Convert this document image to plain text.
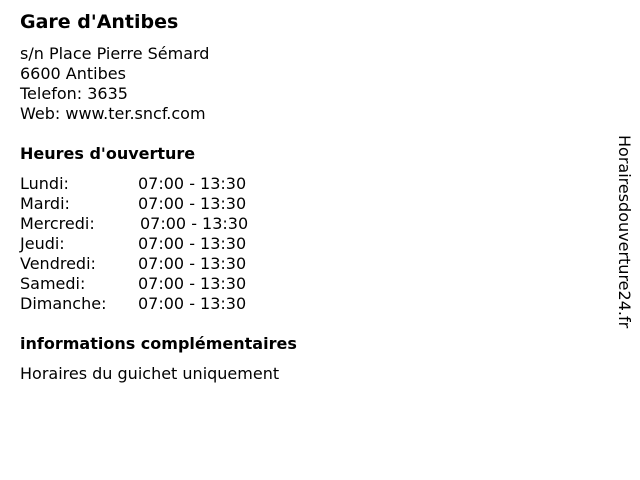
Gare d'Antibes
s/n Place Pierre Sémard
6600 Antibes
Telefon: 3635
Web: www.ter.sncf.com
Heures d'ouverture
Lundi:	07:00 - 13:30
Mardi:	07:00 - 13:30
Mercredi:	07:00 - 13:30
Jeudi:	07:00 - 13:30
Vendredi:	07:00 - 13:30
Samedi:	07:00 - 13:30
Dimanche: 07:00 - 13:30
informations complémentaires
Horaires du guichet uniquement
Horairesdouverture24.fr
